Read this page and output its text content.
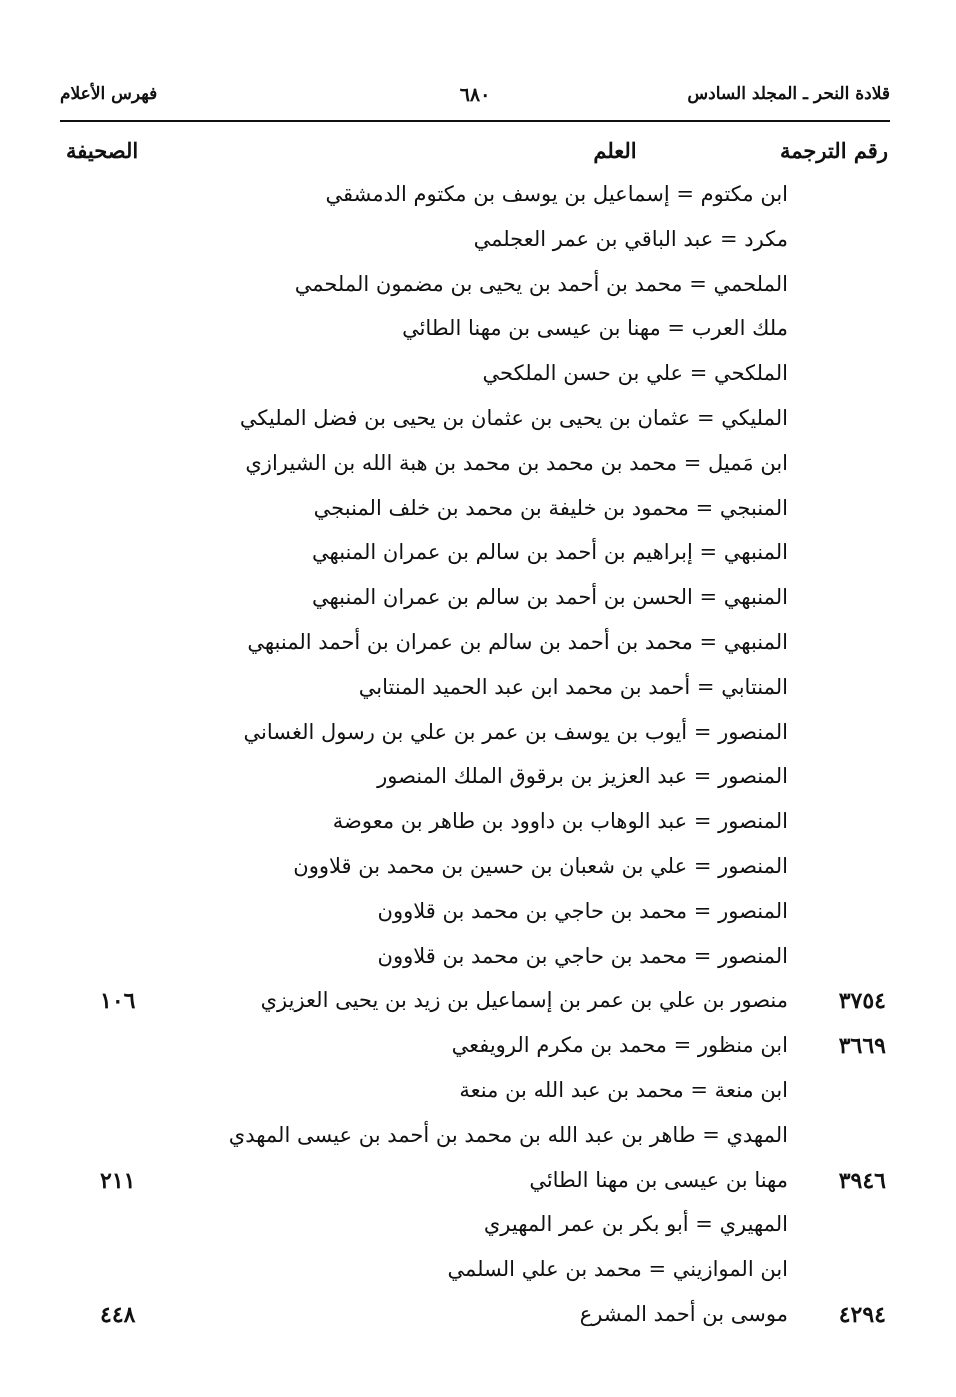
قلادة النحر ـ المجلد السادس
٦٨٠
فهرس الأعلام
رقم الترجمة
العلم
الصحيفة
ابن مكتوم = إسماعيل بن يوسف بن مكتوم الدمشقي
مكرد = عبد الباقي بن عمر العجلمي
الملحمي = محمد بن أحمد بن يحيى بن مضمون الملحمي
ملك العرب = مهنا بن عيسى بن مهنا الطائي
الملكحي = علي بن حسن الملكحي
المليكي = عثمان بن يحيى بن عثمان بن يحيى بن فضل المليكي
ابن مَميل = محمد بن محمد بن محمد بن هبة الله بن الشيرازي
المنبجي = محمود بن خليفة بن محمد بن خلف المنبجي
المنبهي = إبراهيم بن أحمد بن سالم بن عمران المنبهي
المنبهي = الحسن بن أحمد بن سالم بن عمران المنبهي
المنبهي = محمد بن أحمد بن سالم بن عمران بن أحمد المنبهي
المنتابي = أحمد بن محمد ابن عبد الحميد المنتابي
المنصور = أيوب بن يوسف بن عمر بن علي بن رسول الغساني
المنصور = عبد العزيز بن برقوق الملك المنصور
المنصور = عبد الوهاب بن داوود بن طاهر بن معوضة
المنصور = علي بن شعبان بن حسين بن محمد بن قلاوون
المنصور = محمد بن حاجي بن محمد بن قلاوون
المنصور = محمد بن حاجي بن محمد بن قلاوون
٣٧٥٤
منصور بن علي بن عمر بن إسماعيل بن زيد بن يحيى العزيزي
١٠٦
٣٦٦٩
ابن منظور = محمد بن مكرم الرويفعي
ابن منعة = محمد بن عبد الله بن منعة
المهدي = طاهر بن عبد الله بن محمد بن أحمد بن عيسى المهدي
٣٩٤٦
مهنا بن عيسى بن مهنا الطائي
٢١١
المهيري = أبو بكر بن عمر المهيري
ابن الموازيني = محمد بن علي السلمي
٤٢٩٤
موسى بن أحمد المشرع
٤٤٨
